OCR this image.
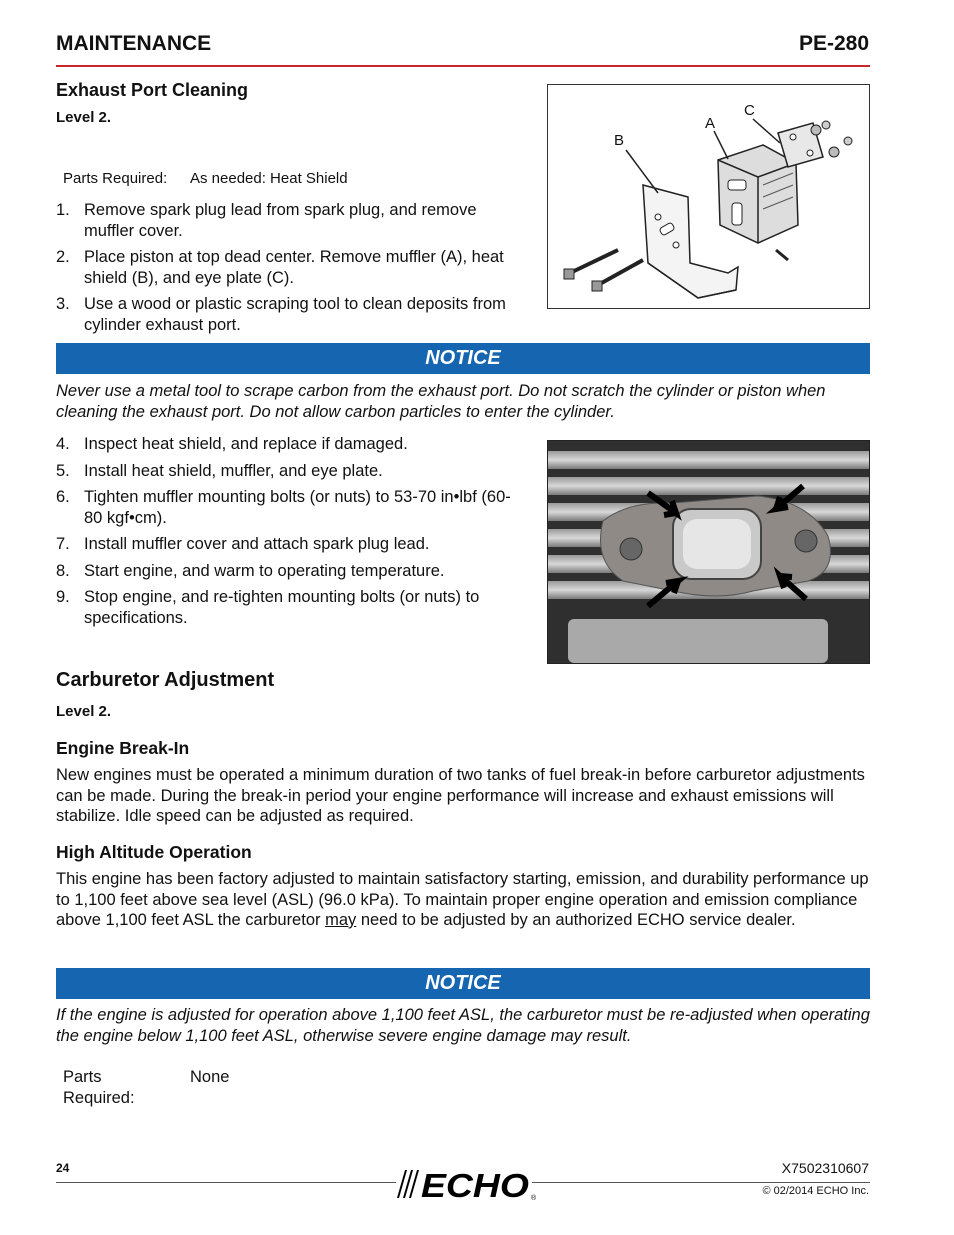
MAINTENANCE	PE-280
Exhaust Port Cleaning
Level 2.
Parts Required: As needed: Heat Shield
1. Remove spark plug lead from spark plug, and remove muffler cover.
2. Place piston at top dead center. Remove muffler (A), heat shield (B), and eye plate (C).
3. Use a wood or plastic scraping tool to clean deposits from cylinder exhaust port.
B
A
C
NOTICE
Never use a metal tool to scrape carbon from the exhaust port. Do not scratch the cylinder or piston when cleaning the exhaust port. Do not allow carbon particles to enter the cylinder.
4. Inspect heat shield, and replace if damaged.
5. Install heat shield, muffler, and eye plate.
6. Tighten muffler mounting bolts (or nuts) to 53-70 in•lbf (60-80 kgf•cm).
7. Install muffler cover and attach spark plug lead.
8. Start engine, and warm to operating temperature.
9. Stop engine, and re-tighten mounting bolts (or nuts) to specifications.
Carburetor Adjustment
Level 2.
Engine Break-In
New engines must be operated a minimum duration of two tanks of fuel break-in before carburetor adjustments can be made. During the break-in period your engine performance will increase and exhaust emissions will stabilize. Idle speed can be adjusted as required.
High Altitude Operation
This engine has been factory adjusted to maintain satisfactory starting, emission, and durability performance up to 1,100 feet above sea level (ASL) (96.0 kPa). To maintain proper engine operation and emission compliance above 1,100 feet ASL the carburetor may need to be adjusted by an authorized ECHO service dealer.
NOTICE
If the engine is adjusted for operation above 1,100 feet ASL, the carburetor must be re-adjusted when operating the engine below 1,100 feet ASL, otherwise severe engine damage may result.
Parts
Required:
None
24	ECHO ®
X7502310607
© 02/2014 ECHO Inc.
